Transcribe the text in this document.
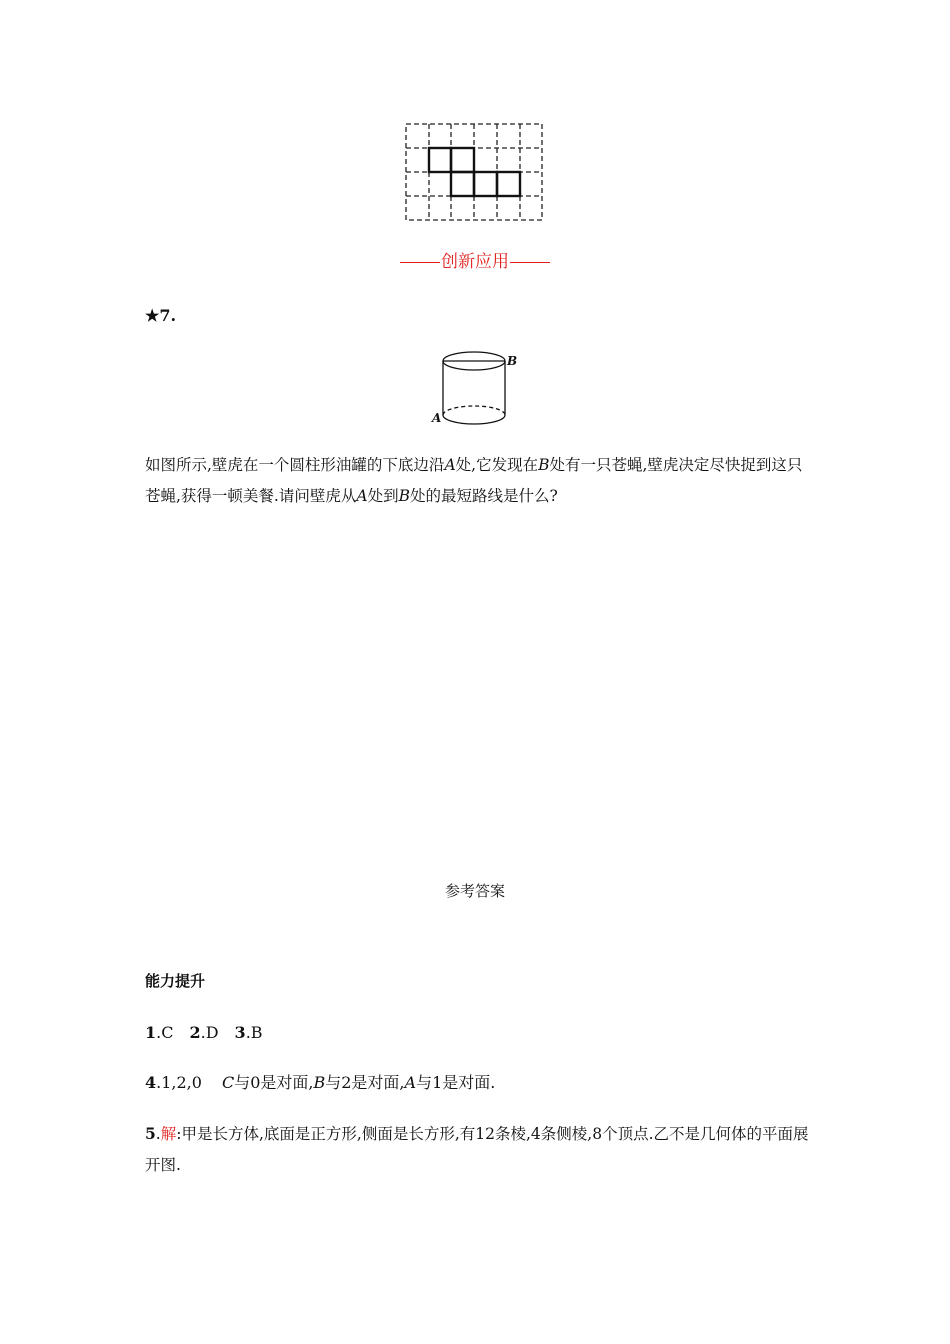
创新应用
★7.
B
A
如图所示,壁虎在一个圆柱形油罐的下底边沿A处,它发现在B处有一只苍蝇,壁虎决定尽快捉到这只苍蝇,获得一顿美餐.请问壁虎从A处到B处的最短路线是什么?
参考答案
能力提升
1.C 2.D 3.B
4.1,2,0 C与0是对面,B与2是对面,A与1是对面.
5.解:甲是长方体,底面是正方形,侧面是长方形,有12条棱,4条侧棱,8个顶点.乙不是几何体的平面展开图.
